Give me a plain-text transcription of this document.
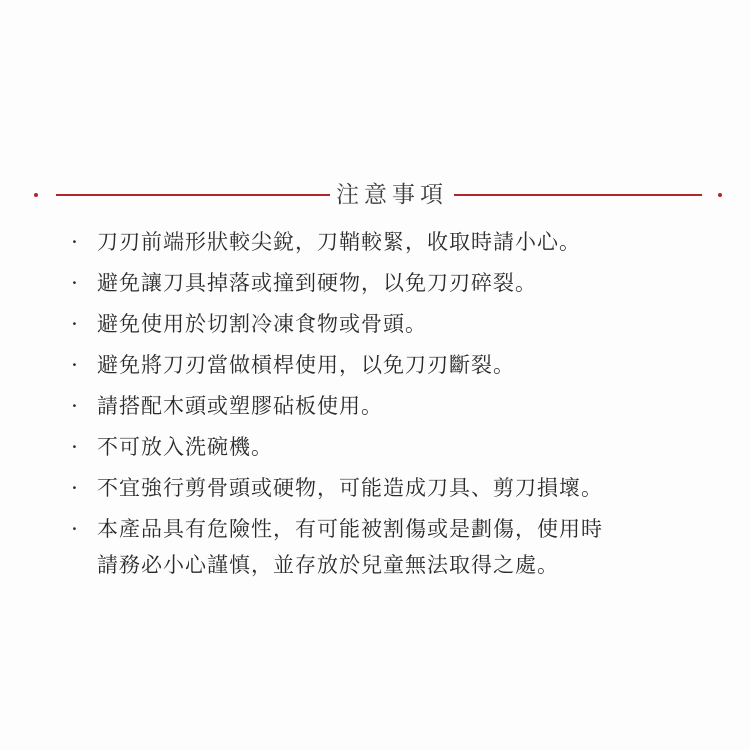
注意事項
· 刀刃前端形狀較尖銳，刀鞘較緊，收取時請小心。
· 避免讓刀具掉落或撞到硬物，以免刀刃碎裂。
· 避免使用於切割冷凍食物或骨頭。
· 避免將刀刃當做槓桿使用，以免刀刃斷裂。
· 請搭配木頭或塑膠砧板使用。
· 不可放入洗碗機。
· 不宜強行剪骨頭或硬物，可能造成刀具、剪刀損壞。
· 本產品具有危險性，有可能被割傷或是劃傷，使用時
請務必小心謹慎，並存放於兒童無法取得之處。
